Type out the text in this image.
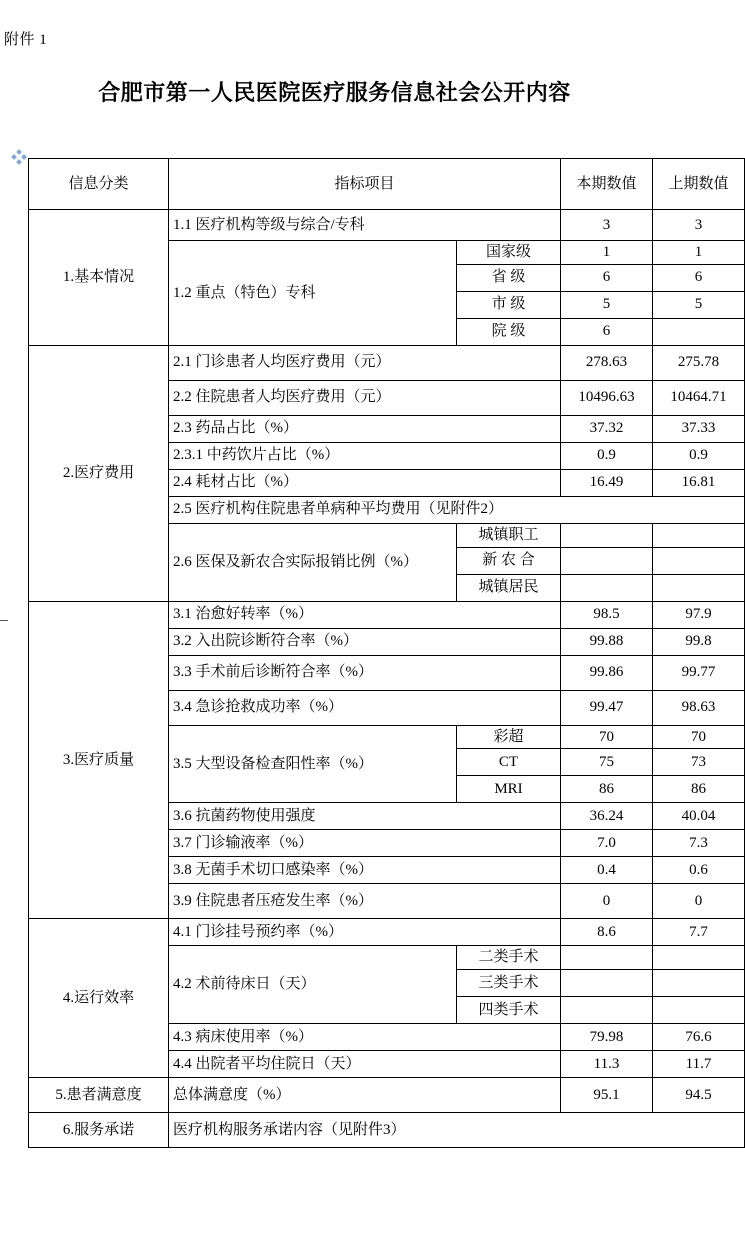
附件 1
合肥市第一人民医院医疗服务信息社会公开内容
信息分类	指标项目		本期数值	上期数值
1.基本情况	1.1 医疗机构等级与综合/专科		3	3
	1.2 重点（特色）专科	国家级	1	1
		省 级	6	6
		市 级	5	5
		院 级	6	
2.医疗费用	2.1 门诊患者人均医疗费用（元）		278.63	275.78
	2.2 住院患者人均医疗费用（元）		10496.63	10464.71
	2.3 药品占比（%）		37.32	37.33
	2.3.1 中药饮片占比（%）		0.9	0.9
	2.4 耗材占比（%）		16.49	16.81
	2.5 医疗机构住院患者单病种平均费用（见附件2）			
	2.6 医保及新农合实际报销比例（%）	城镇职工		
		新 农 合		
		城镇居民		
3.医疗质量	3.1 治愈好转率（%）		98.5	97.9
	3.2 入出院诊断符合率（%）		99.88	99.8
	3.3 手术前后诊断符合率（%）		99.86	99.77
	3.4 急诊抢救成功率（%）		99.47	98.63
	3.5 大型设备检查阳性率（%）	彩超	70	70
		CT	75	73
		MRI	86	86
	3.6 抗菌药物使用强度		36.24	40.04
	3.7 门诊输液率（%）		7.0	7.3
	3.8 无菌手术切口感染率（%）		0.4	0.6
	3.9 住院患者压疮发生率（%）		0	0
4.运行效率	4.1 门诊挂号预约率（%）		8.6	7.7
	4.2 术前待床日（天）	二类手术		
		三类手术		
		四类手术		
	4.3 病床使用率（%）		79.98	76.6
	4.4 出院者平均住院日（天）		11.3	11.7
5.患者满意度	总体满意度（%）		95.1	94.5
6.服务承诺	医疗机构服务承诺内容（见附件3）			
